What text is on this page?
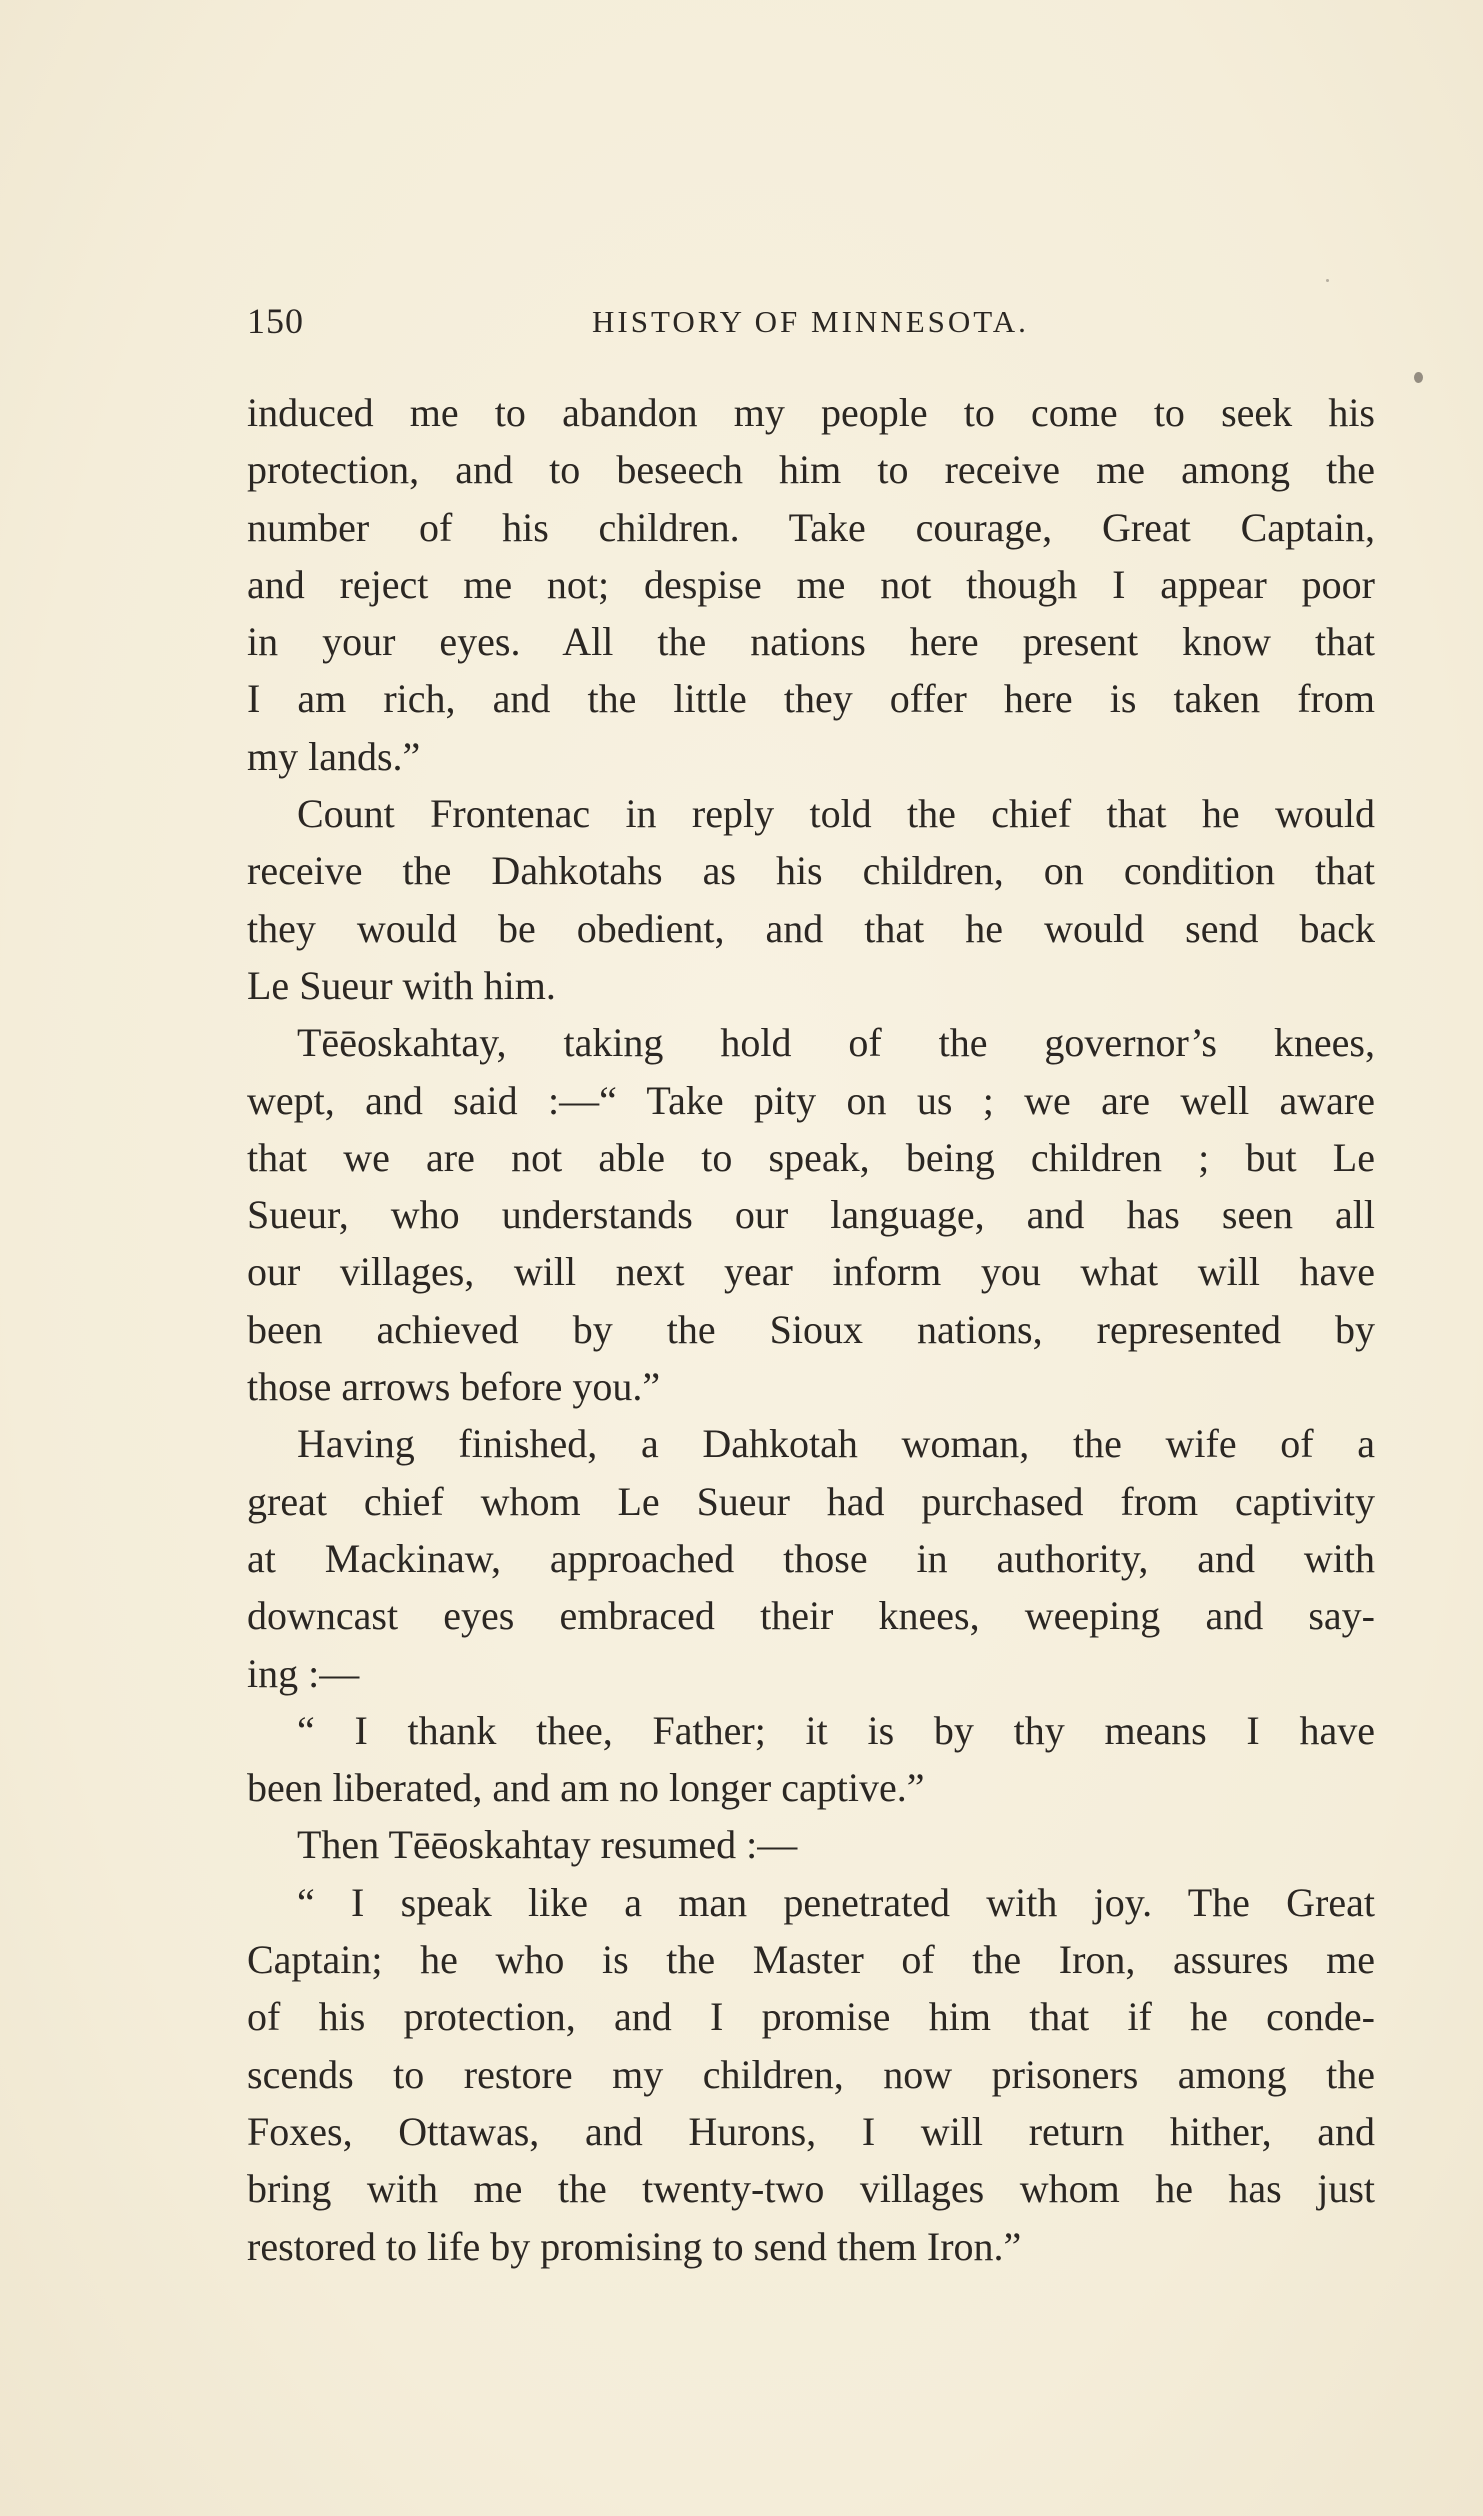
150	HISTORY OF MINNESOTA.
induced me to abandon my people to come to seek his
protection, and to beseech him to receive me among the
number of his children. Take courage, Great Captain,
and reject me not; despise me not though I appear poor
in your eyes. All the nations here present know that
I am rich, and the little they offer here is taken from
my lands.”
Count Frontenac in reply told the chief that he would
receive the Dahkotahs as his children, on condition that
they would be obedient, and that he would send back
Le Sueur with him.
Tēēoskahtay, taking hold of the governor’s knees,
wept, and said :—“ Take pity on us ; we are well aware
that we are not able to speak, being children ; but Le
Sueur, who understands our language, and has seen all
our villages, will next year inform you what will have
been achieved by the Sioux nations, represented by
those arrows before you.”
Having finished, a Dahkotah woman, the wife of a
great chief whom Le Sueur had purchased from captivity
at Mackinaw, approached those in authority, and with
downcast eyes embraced their knees, weeping and say-
ing :—
“ I thank thee, Father; it is by thy means I have
been liberated, and am no longer captive.”
Then Tēēoskahtay resumed :—
“ I speak like a man penetrated with joy. The Great
Captain; he who is the Master of the Iron, assures me
of his protection, and I promise him that if he conde-
scends to restore my children, now prisoners among the
Foxes, Ottawas, and Hurons, I will return hither, and
bring with me the twenty-two villages whom he has just
restored to life by promising to send them Iron.”
